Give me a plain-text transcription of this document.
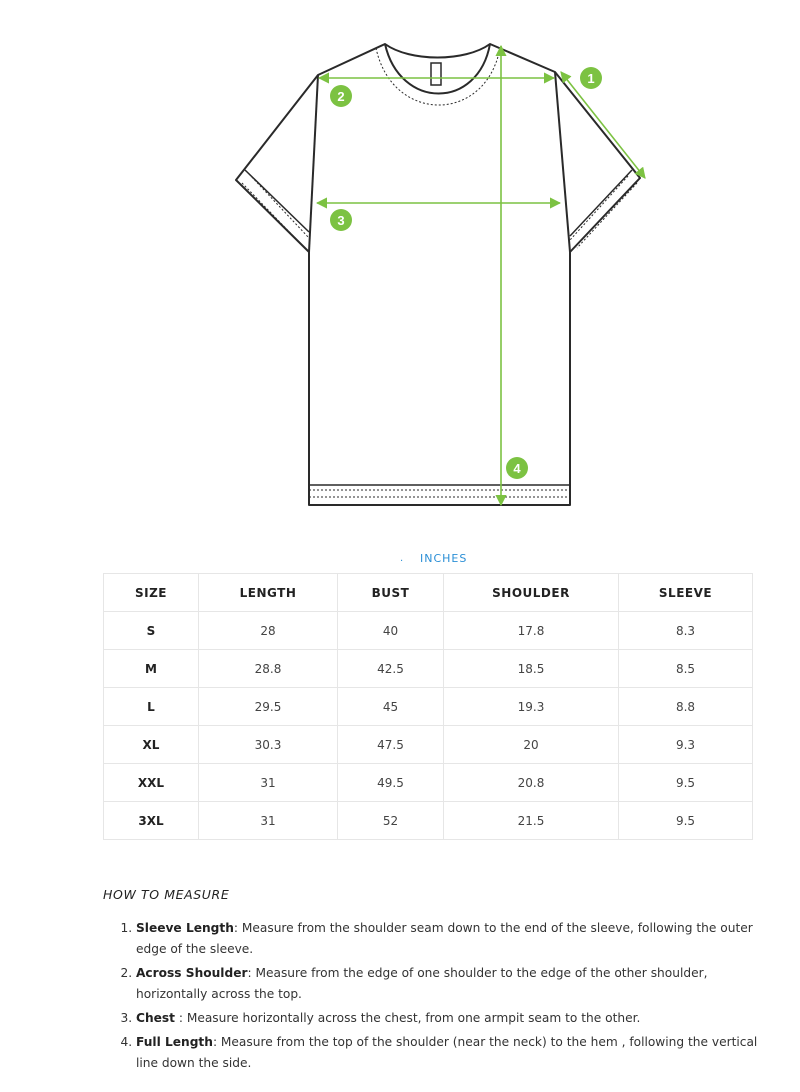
1
2
3
4
. INCHES
SIZE	LENGTH	BUST	SHOULDER	SLEEVE
S	28	40	17.8	8.3
M	28.8	42.5	18.5	8.5
L	29.5	45	19.3	8.8
XL	30.3	47.5	20	9.3
XXL	31	49.5	20.8	9.5
3XL	31	52	21.5	9.5
HOW TO MEASURE
1. Sleeve Length: Measure from the shoulder seam down to the end of the sleeve, following the outer edge of the sleeve.
2. Across Shoulder: Measure from the edge of one shoulder to the edge of the other shoulder, horizontally across the top.
3. Chest : Measure horizontally across the chest, from one armpit seam to the other.
4. Full Length: Measure from the top of the shoulder (near the neck) to the hem , following the vertical line down the side.
